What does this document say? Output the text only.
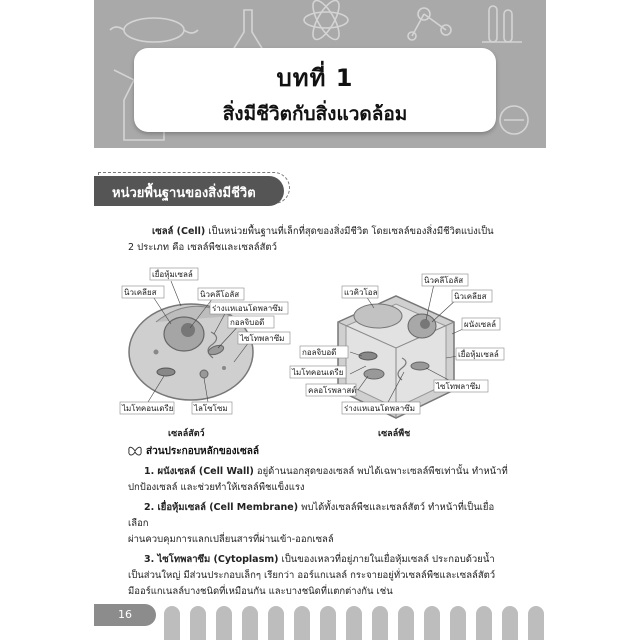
บทที่ 1
สิ่งมีชีวิตกับสิ่งแวดล้อม
หน่วยพื้นฐานของสิ่งมีชีวิต
เซลล์ (Cell) เป็นหน่วยพื้นฐานที่เล็กที่สุดของสิ่งมีชีวิต โดยเซลล์ของสิ่งมีชีวิตแบ่งเป็น
2 ประเภท คือ เซลล์พืชและเซลล์สัตว์
เยื่อหุ้มเซลล์
นิวเคลียส	นิวคลีโอลัส
ร่างแหเอนโดพลาซึม
กอลจิบอดี
ไซโทพลาซึม
ไมโทคอนเดรีย	ไลโซโซม
เซลล์สัตว์
แวคิวโอล
นิวคลีโอลัส
นิวเคลียส
ผนังเซลล์
กอลจิบอดี	เยื่อหุ้มเซลล์
ไมโทคอนเดรีย
คลอโรพลาสต์	ไซโทพลาซึม
ร่างแหเอนโดพลาซึม
เซลล์พืช
ส่วนประกอบหลักของเซลล์
1. ผนังเซลล์ (Cell Wall) อยู่ด้านนอกสุดของเซลล์ พบได้เฉพาะเซลล์พืชเท่านั้น ทำหน้าที่
ปกป้องเซลล์ และช่วยทำให้เซลล์พืชแข็งแรง
2. เยื่อหุ้มเซลล์ (Cell Membrane) พบได้ทั้งเซลล์พืชและเซลล์สัตว์ ทำหน้าที่เป็นเยื่อเลือก
ผ่านควบคุมการแลกเปลี่ยนสารที่ผ่านเข้า-ออกเซลล์
3. ไซโทพลาซึม (Cytoplasm) เป็นของเหลวที่อยู่ภายในเยื่อหุ้มเซลล์ ประกอบด้วยน้ำ
เป็นส่วนใหญ่ มีส่วนประกอบเล็กๆ เรียกว่า ออร์แกเนลล์ กระจายอยู่ทั่วเซลล์พืชและเซลล์สัตว์
มีออร์แกเนลล์บางชนิดที่เหมือนกัน และบางชนิดที่แตกต่างกัน เช่น
16
